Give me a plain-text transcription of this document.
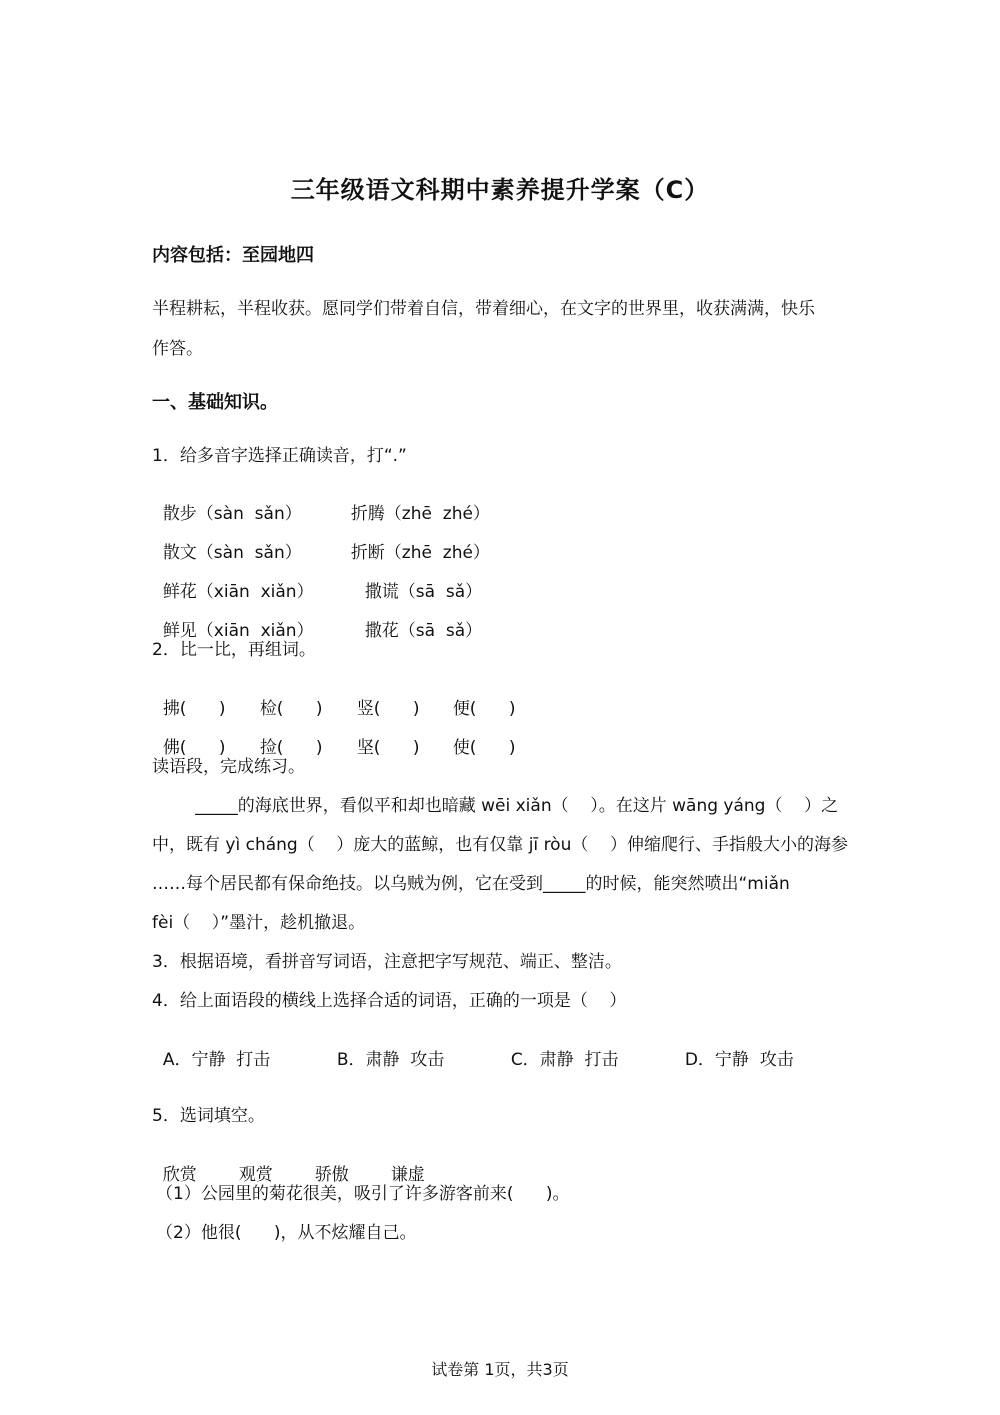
三年级语文科期中素养提升学案（C）
内容包括：至园地四
半程耕耘，半程收获。愿同学们带着自信，带着细心，在文字的世界里，收获满满，快乐
作答。
一、基础知识。
1．给多音字选择正确读音，打“.”

散步（sàn  sǎn）	折腾（zhē  zhé）

散文（sàn  sǎn）	折断（zhē  zhé）

鲜花（xiān  xiǎn）	撒谎（sā  sǎ）

鲜见（xiān  xiǎn）	撒花（sā  sǎ）

2．比一比，再组词。

拂(      ) 检(      ) 竖(      ) 便(      )

佛(      ) 捡(      ) 坚(      ) 使(      )

读语段，完成练习。
_____的海底世界，看似平和却也暗藏 wēi xiǎn（    ）。在这片 wāng yáng（    ）之
中，既有 yì cháng（    ）庞大的蓝鲸，也有仅靠 jī ròu（    ）伸缩爬行、手指般大小的海参
……每个居民都有保命绝技。以乌贼为例，它在受到_____的时候，能突然喷出“miǎn
fèi（    ）”墨汁，趁机撤退。
3．根据语境，看拼音写词语，注意把字写规范、端正、整洁。
4．给上面语段的横线上选择合适的词语，正确的一项是（    ）

A．宁静  打击	B．肃静  攻击	C．肃静  打击	D．宁静  攻击

5．选词填空。

欣赏 观赏 骄傲 谦虚

（1）公园里的菊花很美，吸引了许多游客前来(      )。
（2）他很(      )，从不炫耀自己。
试卷第 1页，共3页
